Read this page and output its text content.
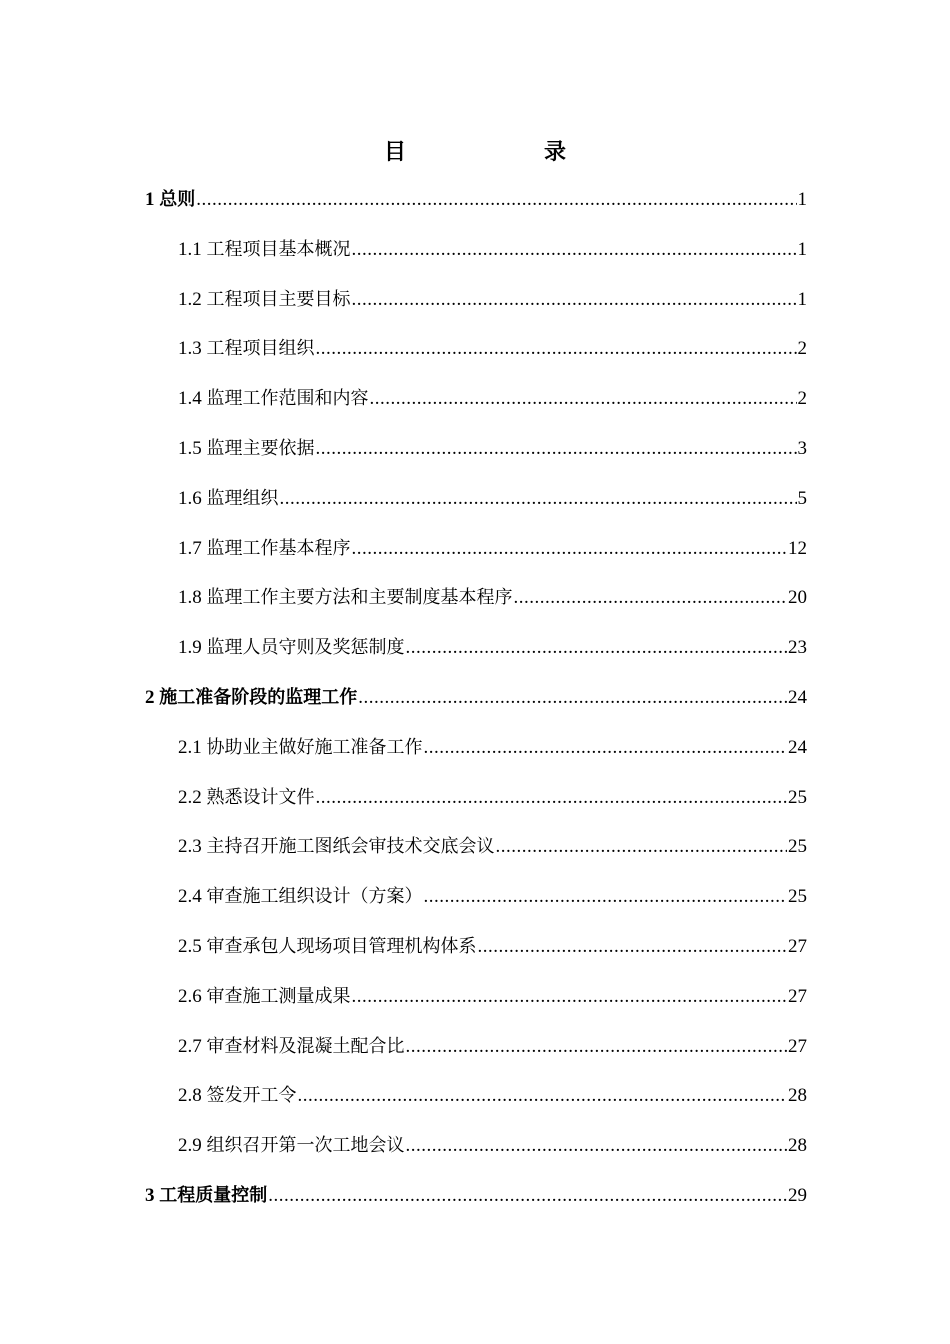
目　录
1 总则 .....	1
1.1 工程项目基本概况 .....	1
1.2 工程项目主要目标 .....	1
1.3 工程项目组织 .....	2
1.4 监理工作范围和内容 .....	2
1.5 监理主要依据 .....	3
1.6 监理组织 .....	5
1.7 监理工作基本程序 .....	12
1.8 监理工作主要方法和主要制度基本程序 .....	20
1.9 监理人员守则及奖惩制度 .....	23
2 施工准备阶段的监理工作 .....	24
2.1 协助业主做好施工准备工作 .....	24
2.2 熟悉设计文件 .....	25
2.3 主持召开施工图纸会审技术交底会议 .....	25
2.4 审查施工组织设计（方案） .....	25
2.5 审查承包人现场项目管理机构体系 .....	27
2.6 审查施工测量成果 .....	27
2.7 审查材料及混凝土配合比 .....	27
2.8 签发开工令 .....	28
2.9 组织召开第一次工地会议 .....	28
3 工程质量控制 .....	29
